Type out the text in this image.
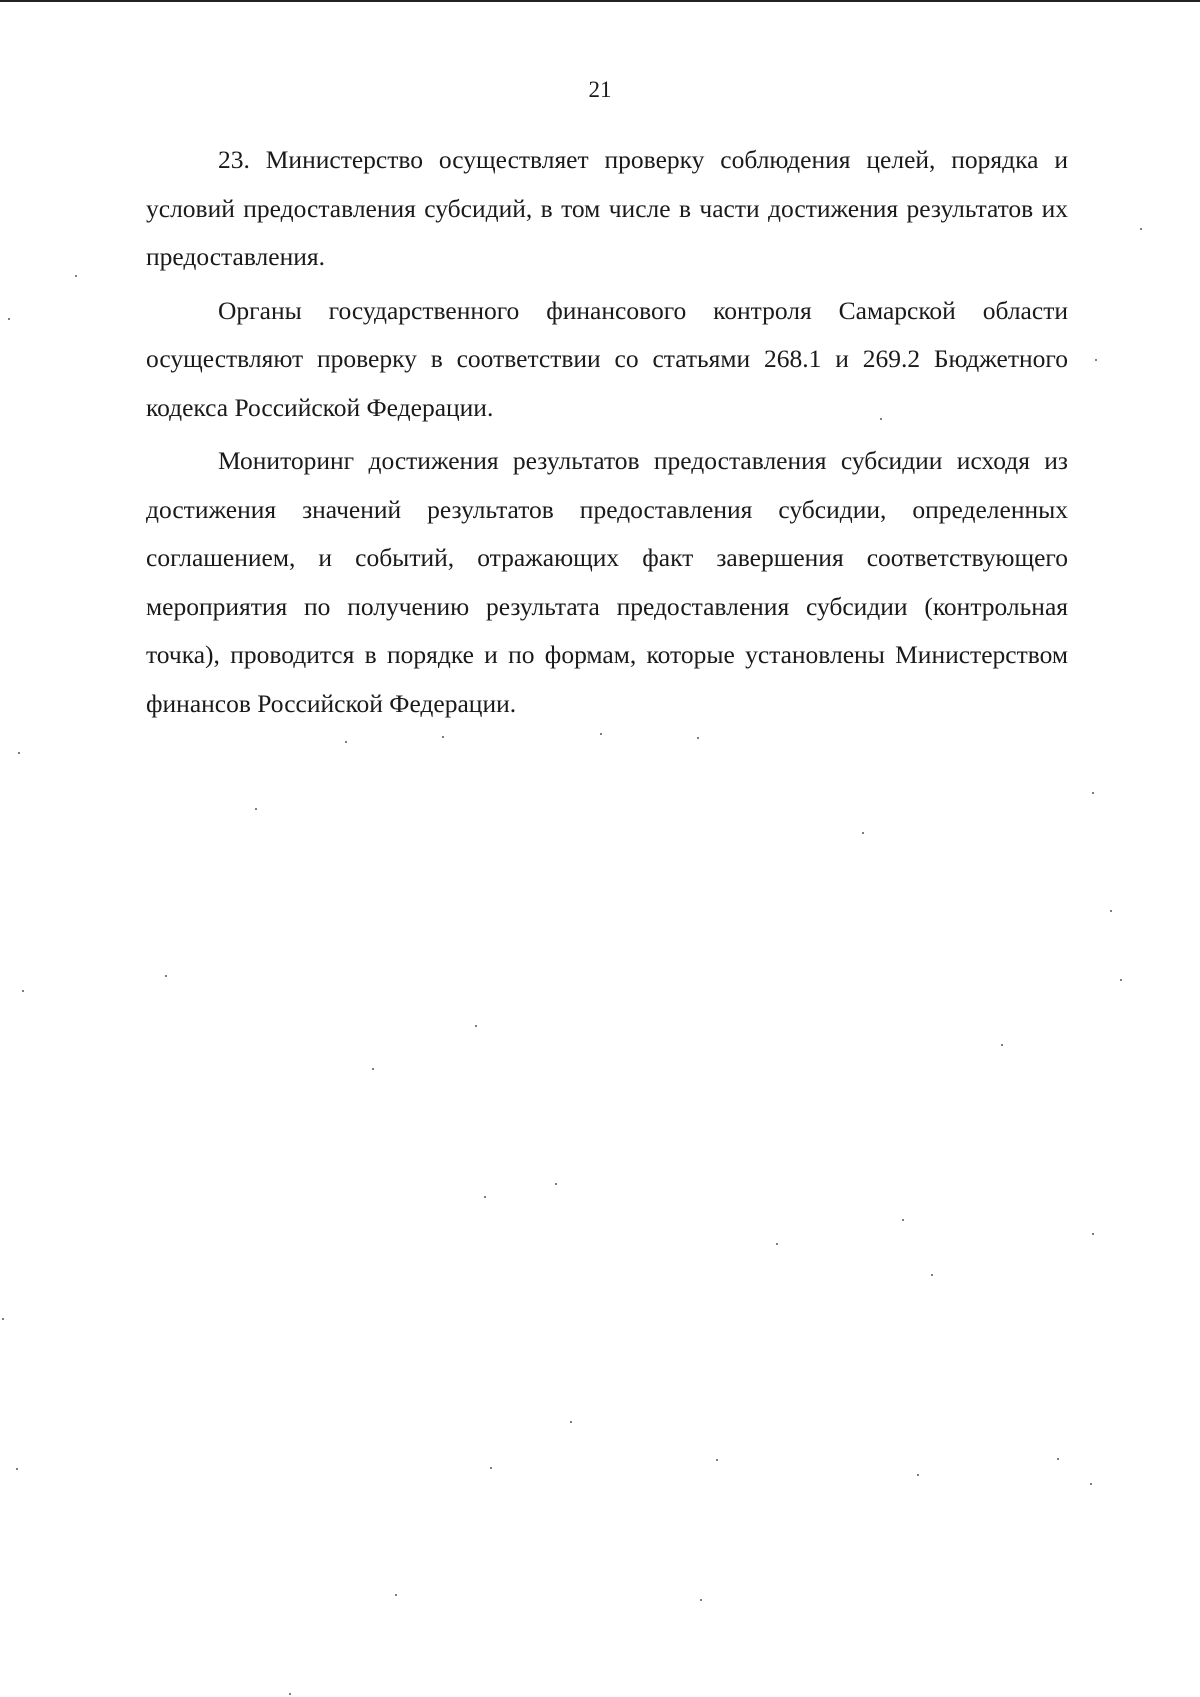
21

23. Министерство осуществляет проверку соблюдения целей, порядка и условий предоставления субсидий, в том числе в части достижения результатов их предоставления.

Органы государственного финансового контроля Самарской области осуществляют проверку в соответствии со статьями 268.1 и 269.2 Бюджетного кодекса Российской Федерации.

Мониторинг достижения результатов предоставления субсидии исходя из достижения значений результатов предоставления субсидии, определенных соглашением, и событий, отражающих факт завершения соответствующего мероприятия по получению результата предоставления субсидии (контрольная точка), проводится в порядке и по формам, которые установлены Министерством финансов Российской Федерации.
